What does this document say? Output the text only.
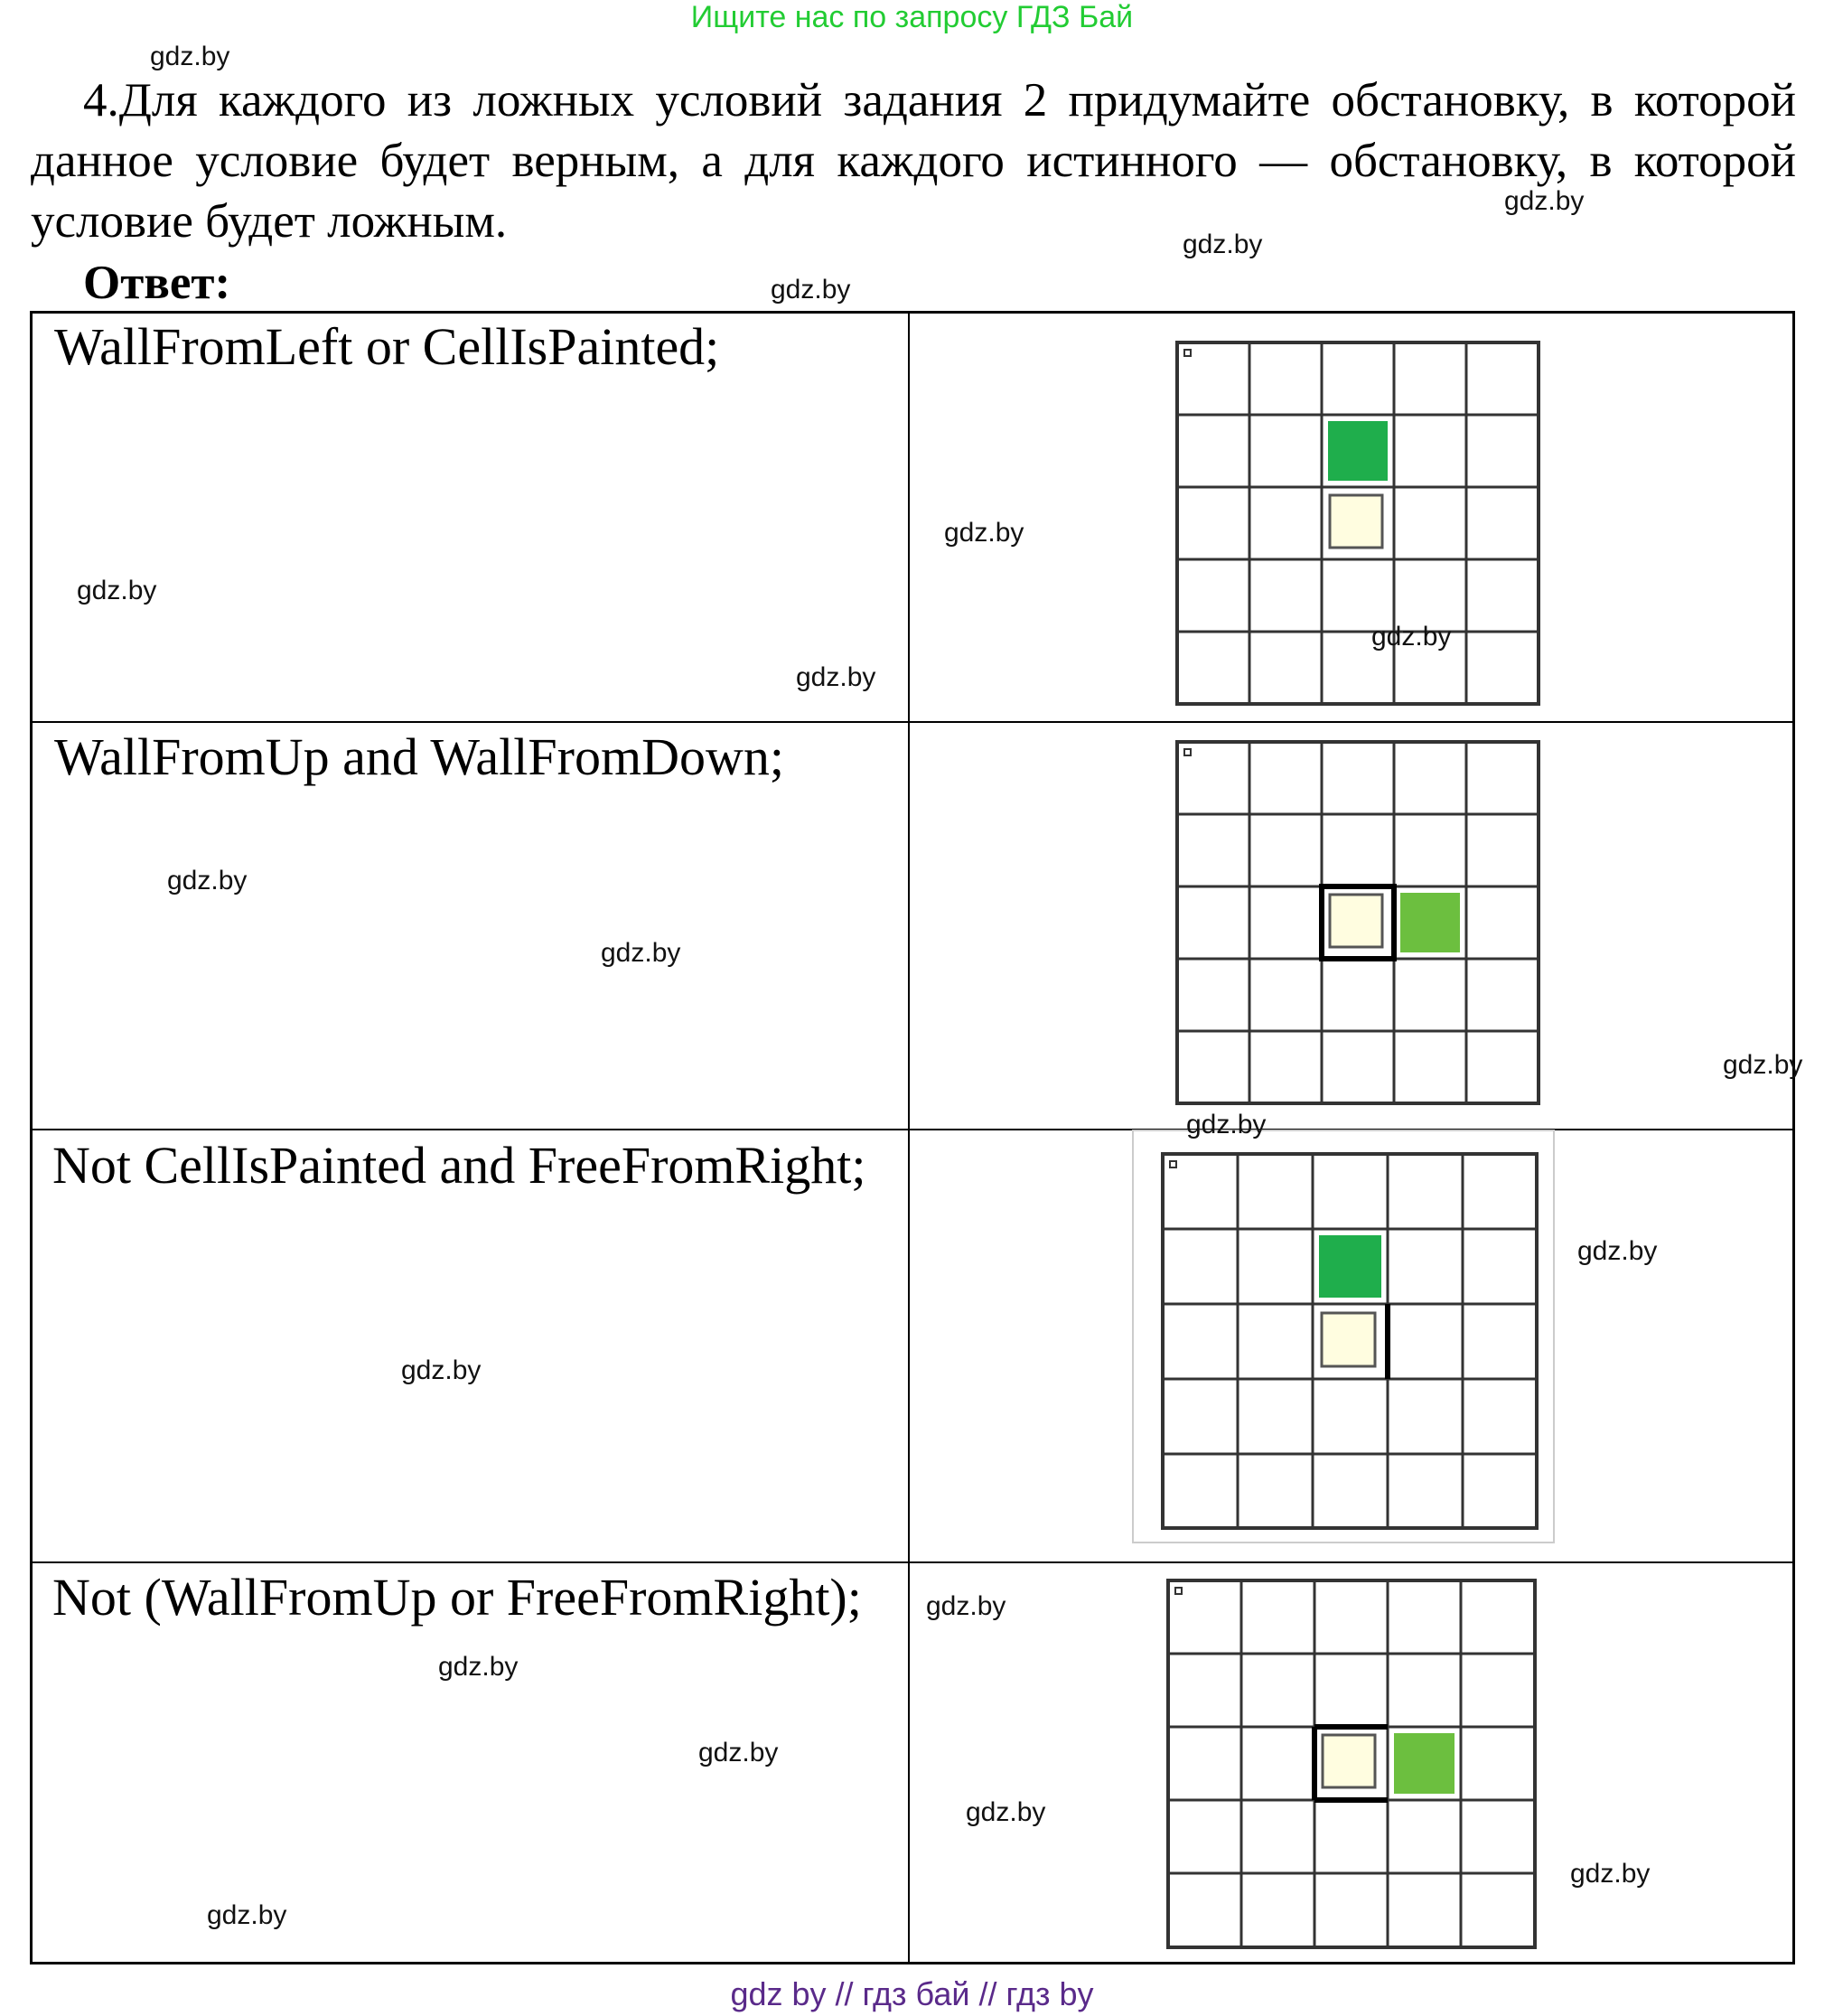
Ищите нас по запросу ГДЗ Бай
4.Для каждого из ложных условий задания 2 придумайте обстановку, в которой данное условие будет верным, а для каждого истинного — обстановку, в которой условие будет ложным.
Ответ:
WallFromLeft or CellIsPainted;
WallFromUp and WallFromDown;
Not CellIsPainted and FreeFromRight;
Not (WallFromUp or FreeFromRight);
gdz.by
gdz.by
gdz.by
gdz.by
gdz.by
gdz.by
gdz.by
gdz.by
gdz.by
gdz.by
gdz.by
gdz.by
gdz.by
gdz.by
gdz.by
gdz.by
gdz.by
gdz.by
gdz.by
gdz.by
gdz by // гдз бай // гдз by
